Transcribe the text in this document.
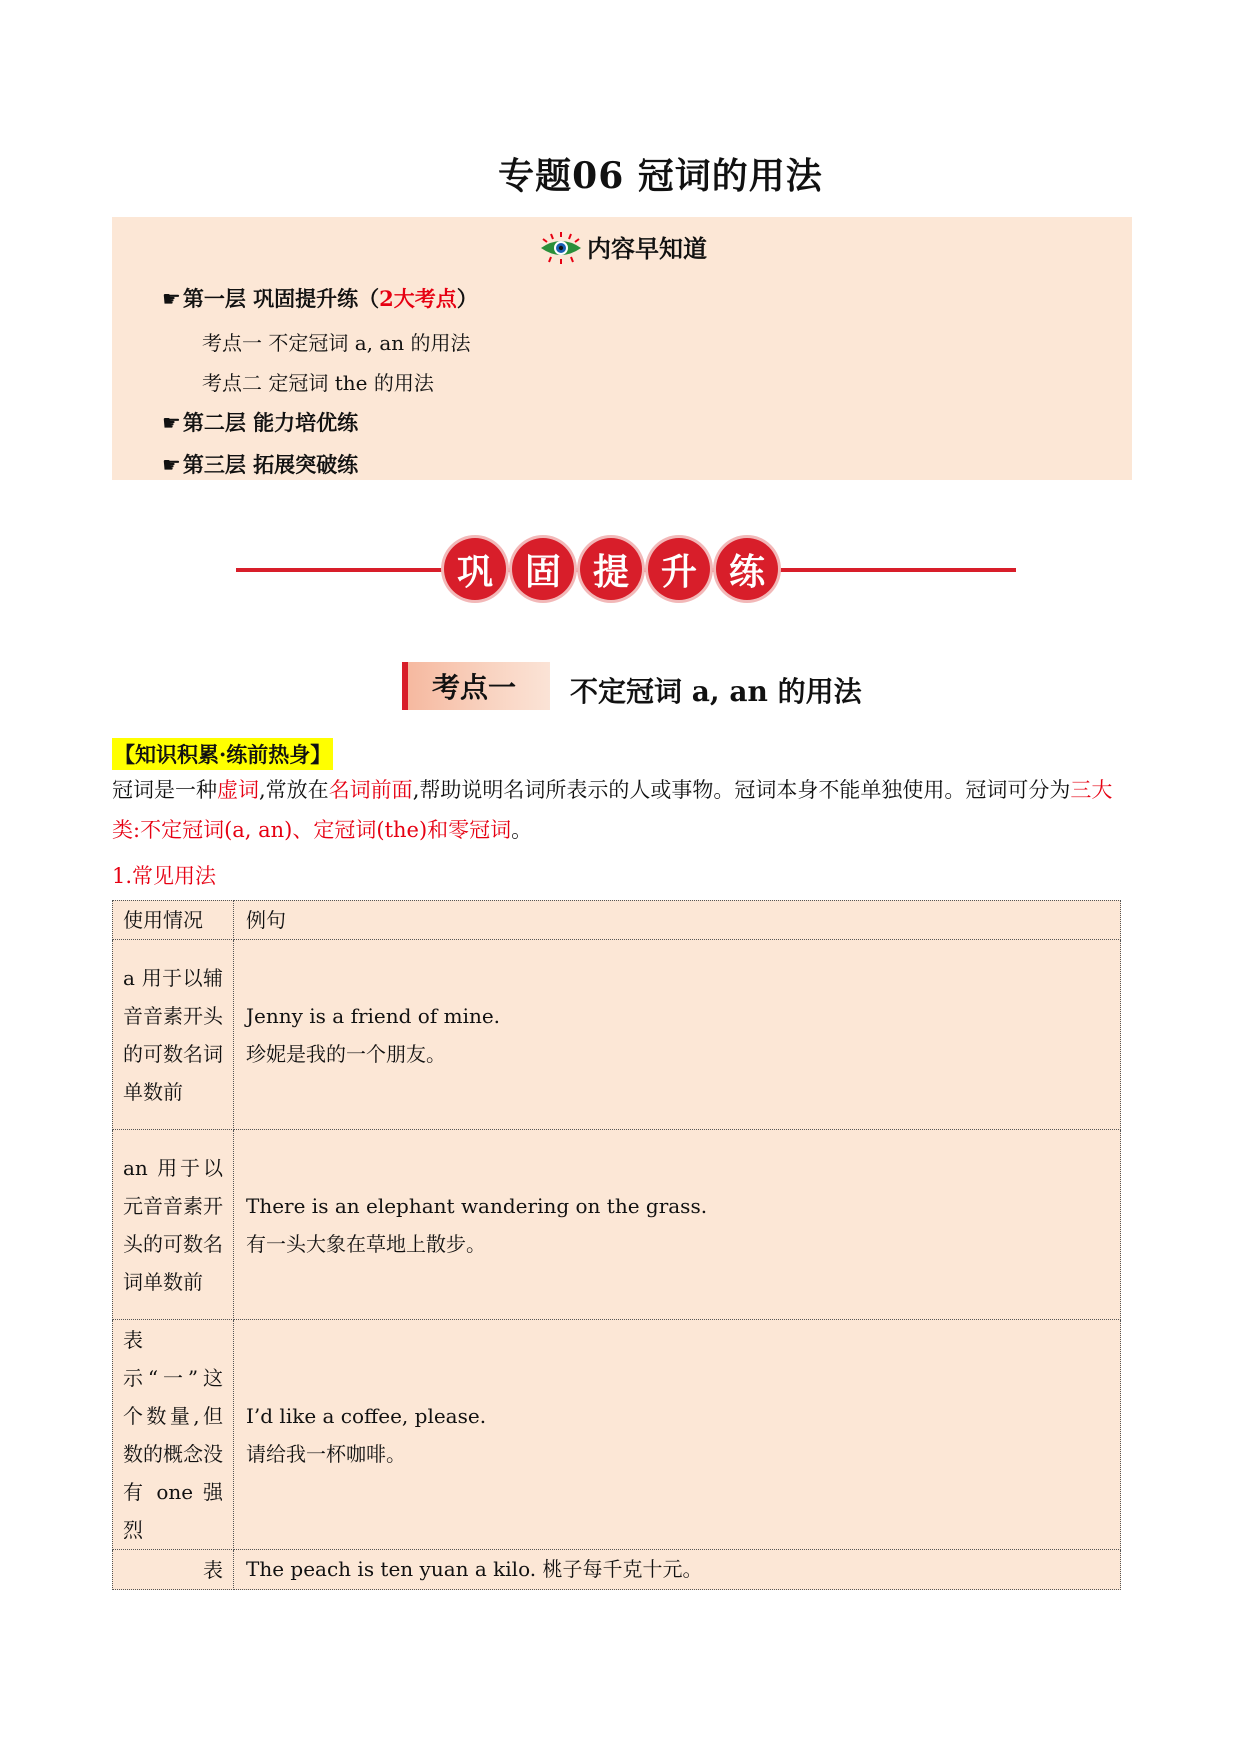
专题06 冠词的用法
内容早知道
☛第一层 巩固提升练（2大考点）
考点一 不定冠词 a, an 的用法
考点二 定冠词 the 的用法
☛第二层 能力培优练
☛第三层 拓展突破练
巩 固 提 升 练
考点一	不定冠词 a, an 的用法
【知识积累·练前热身】
冠词是一种虚词,常放在名词前面,帮助说明名词所表示的人或事物。冠词本身不能单独使用。冠词可分为三大类:不定冠词(a, an)、定冠词(the)和零冠词。
1.常见用法
使用情况	例句
a 用于以辅音音素开头的可数名词单数前	Jenny is a friend of mine.
珍妮是我的一个朋友。

an 用于以元音音素开头的可数名词单数前	There is an elephant wandering on the grass.
有一头大象在草地上散步。

表示“一”这个数量,但数的概念没有 one 强烈	I’d like a coffee, please.
请给我一杯咖啡。

表	The peach is ten yuan a kilo. 桃子每千克十元。
